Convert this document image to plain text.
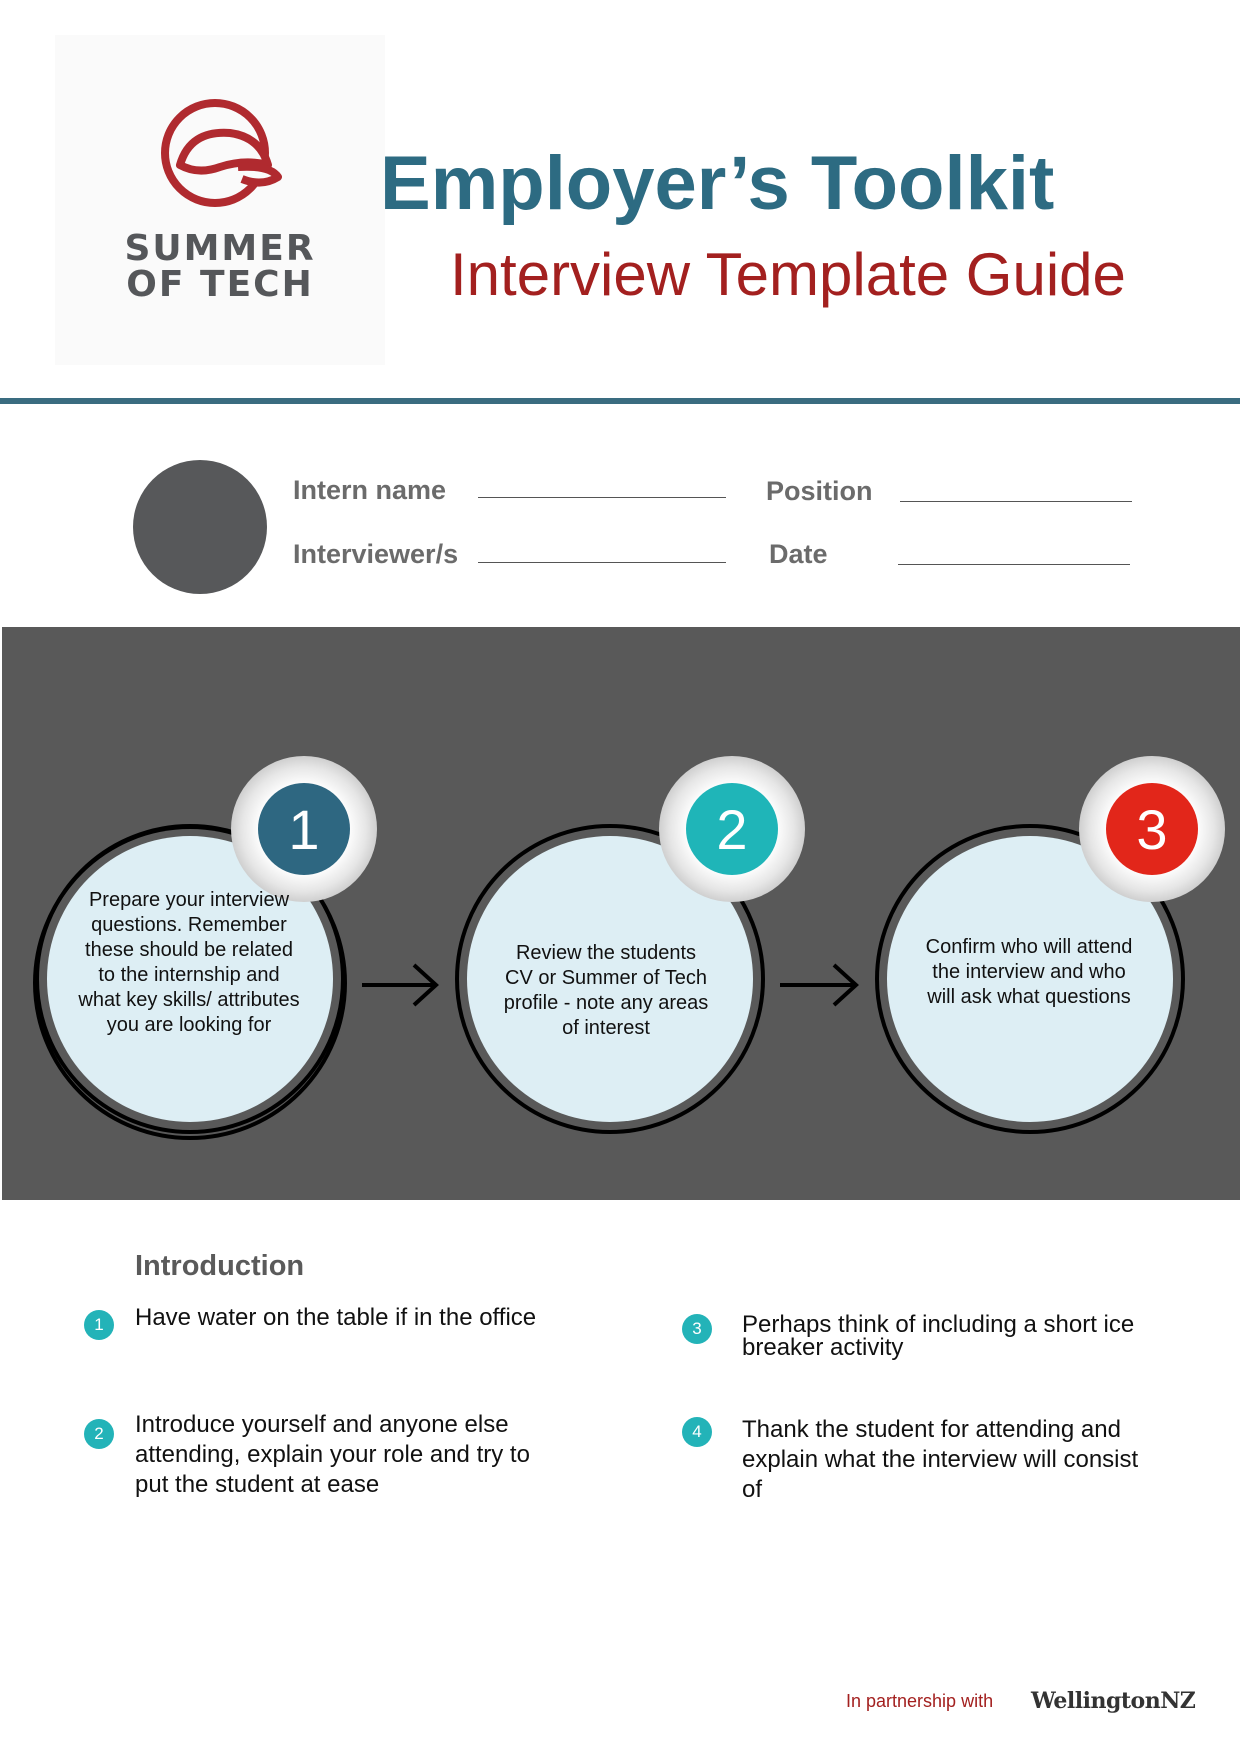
SUMMER
OF TECH
Employer’s Toolkit
Interview Template Guide
Intern name	Position
Interviewer/s	Date
1	2	3
Prepare your interview questions. Remember these should be related to the internship and what key skills/ attributes you are looking for
Review the students CV or Summer of Tech profile - note any areas of interest
Confirm who will attend the interview and who will ask what questions
Introduction
1	Have water on the table if in the office
2	Introduce yourself and anyone else attending, explain your role and try to put the student at ease
3	Perhaps think of including a short ice breaker activity
4	Thank the student for attending and explain what the interview will consist of
In partnership with WellingtonNZ
